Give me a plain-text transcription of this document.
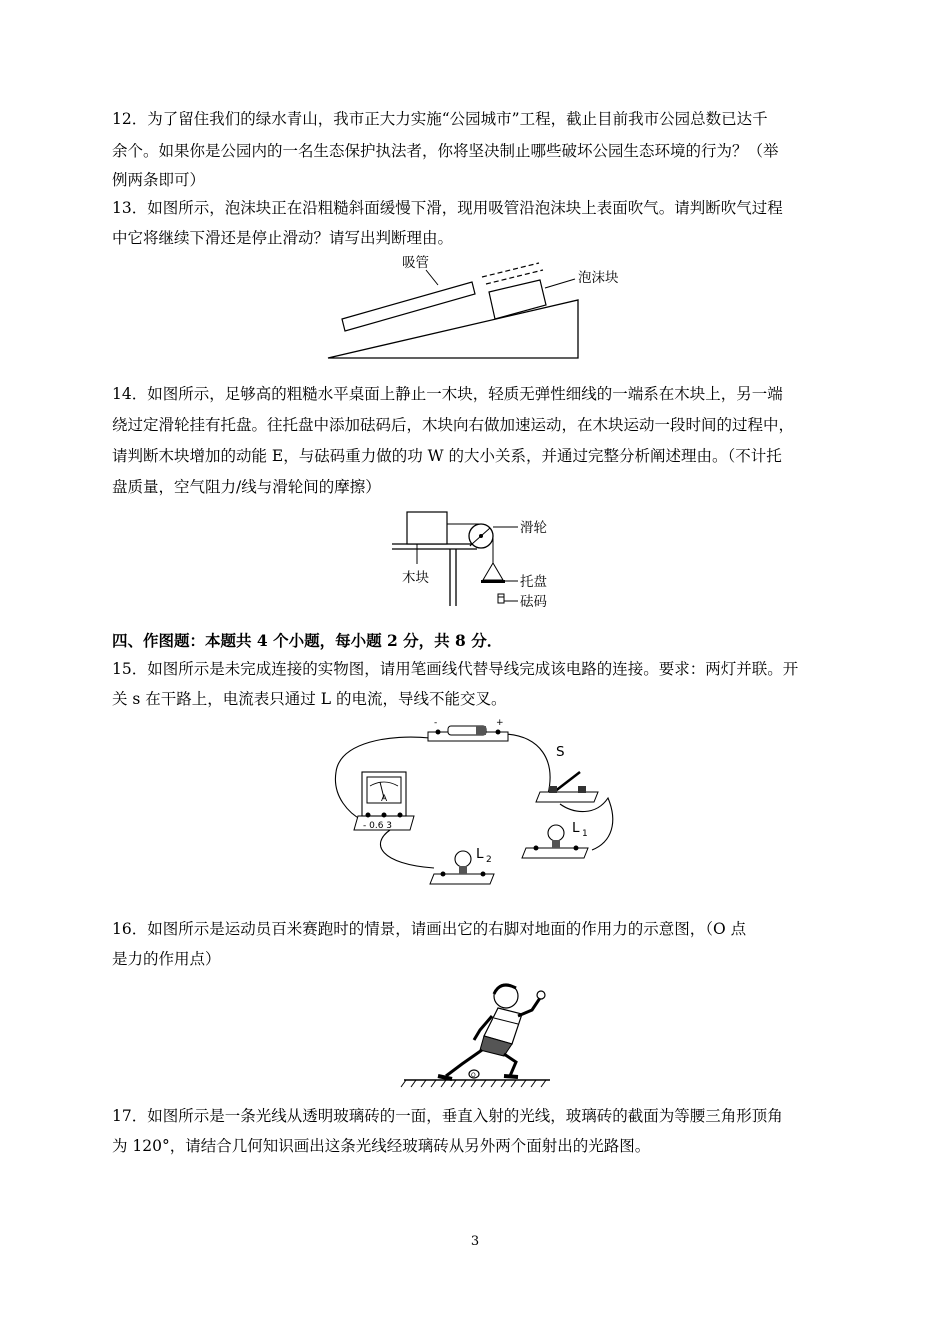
12．为了留住我们的绿水青山，我市正大力实施“公园城市”工程，截止目前我市公园总数已达千
余个。如果你是公园内的一名生态保护执法者，你将坚决制止哪些破坏公园生态环境的行为？（举
例两条即可）
13．如图所示，泡沫块正在沿粗糙斜面缓慢下滑，现用吸管沿泡沫块上表面吹气。请判断吹气过程
中它将继续下滑还是停止滑动？请写出判断理由。
吸管
泡沫块
14．如图所示，足够高的粗糙水平桌面上静止一木块，轻质无弹性细线的一端系在木块上，另一端
绕过定滑轮挂有托盘。往托盘中添加砝码后，木块向右做加速运动，在木块运动一段时间的过程中，
请判断木块增加的动能 E，与砝码重力做的功 W 的大小关系，并通过完整分析阐述理由。（不计托
盘质量，空气阻力/线与滑轮间的摩擦）
滑轮
木块	托盘
砝码
四、作图题：本题共 4 个小题，每小题 2 分，共 8 分．
15．如图所示是未完成连接的实物图，请用笔画线代替导线完成该电路的连接。要求：两灯并联。开
关 s 在干路上，电流表只通过 L 的电流，导线不能交叉。
-	+
S
A
- 0.6 3	L 1
L 2
16．如图所示是运动员百米赛跑时的情景，请画出它的右脚对地面的作用力的示意图，（O 点
是力的作用点）
O
17．如图所示是一条光线从透明玻璃砖的一面，垂直入射的光线，玻璃砖的截面为等腰三角形顶角
为 120°，请结合几何知识画出这条光线经玻璃砖从另外两个面射出的光路图。
3
